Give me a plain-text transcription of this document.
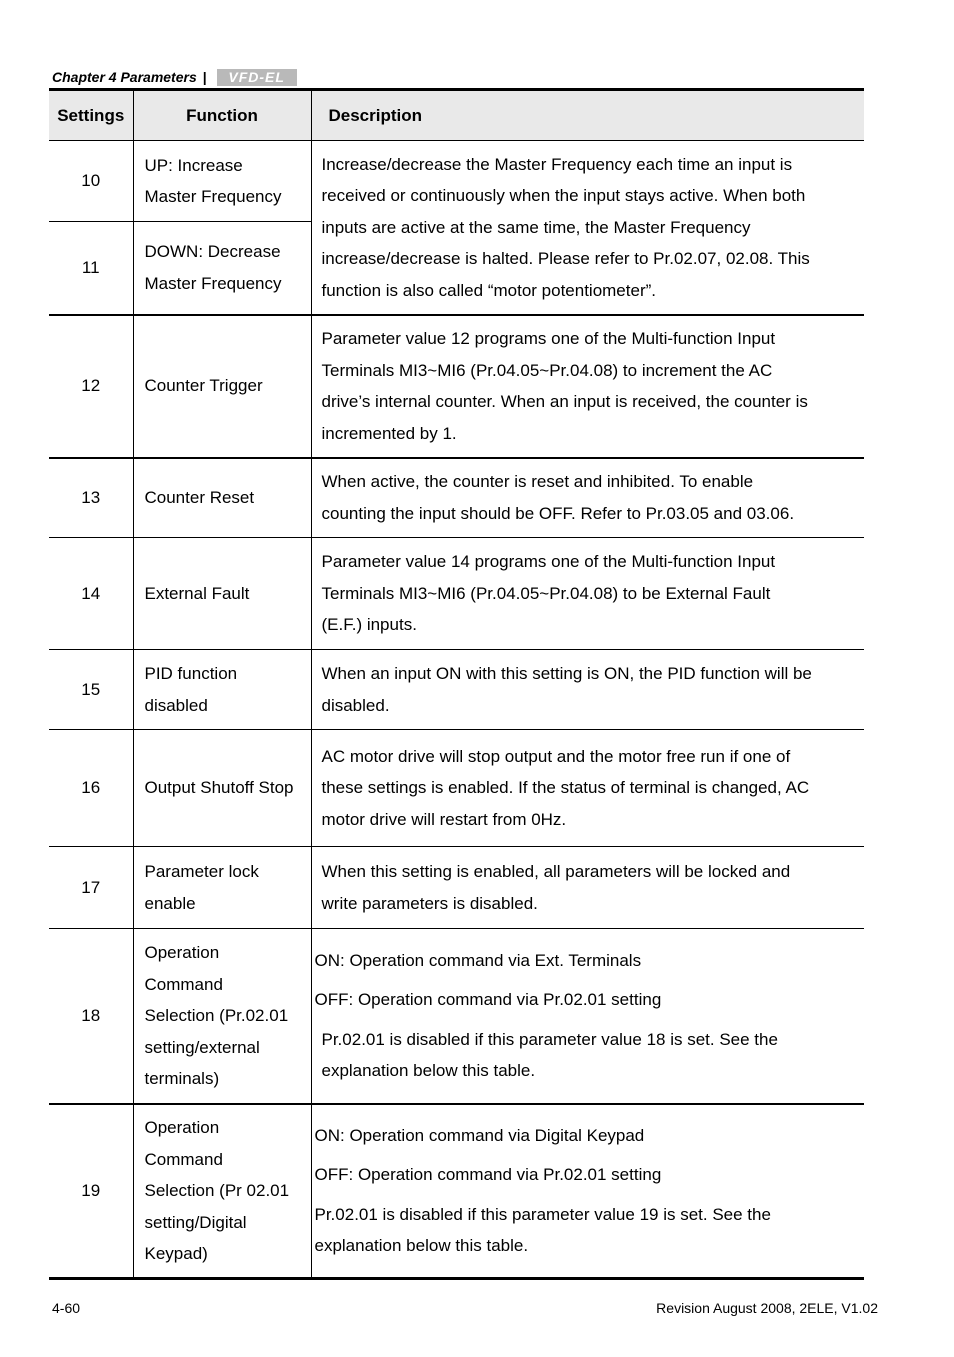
Chapter 4 Parameters |	VFD-EL
Settings	Function	Description
10	UP: Increase
Master Frequency	Increase/decrease the Master Frequency each time an input is
received or continuously when the input stays active. When both
inputs are active at the same time, the Master Frequency
increase/decrease is halted. Please refer to Pr.02.07, 02.08. This
function is also called “motor potentiometer”.

11	DOWN: Decrease
Master Frequency	

12	Counter Trigger	Parameter value 12 programs one of the Multi-function Input
Terminals MI3~MI6 (Pr.04.05~Pr.04.08) to increment the AC
drive’s internal counter. When an input is received, the counter is
incremented by 1.

13	Counter Reset	When active, the counter is reset and inhibited. To enable
counting the input should be OFF. Refer to Pr.03.05 and 03.06.

14	External Fault	Parameter value 14 programs one of the Multi-function Input
Terminals MI3~MI6 (Pr.04.05~Pr.04.08) to be External Fault
(E.F.) inputs.

15	PID function
disabled	When an input ON with this setting is ON, the PID function will be
disabled.

16	Output Shutoff Stop	AC motor drive will stop output and the motor free run if one of
these settings is enabled. If the status of terminal is changed, AC
motor drive will restart from 0Hz.

17	Parameter lock
enable	When this setting is enabled, all parameters will be locked and
write parameters is disabled.

18	Operation
Command
Selection (Pr.02.01
setting/external
terminals)	ON: Operation command via Ext. Terminals
OFF: Operation command via Pr.02.01 setting
Pr.02.01 is disabled if this parameter value 18 is set. See the
explanation below this table.

19	Operation
Command
Selection (Pr 02.01
setting/Digital
Keypad)	ON: Operation command via Digital Keypad
OFF: Operation command via Pr.02.01 setting
Pr.02.01 is disabled if this parameter value 19 is set. See the
explanation below this table.
4-60	Revision August 2008, 2ELE, V1.02
